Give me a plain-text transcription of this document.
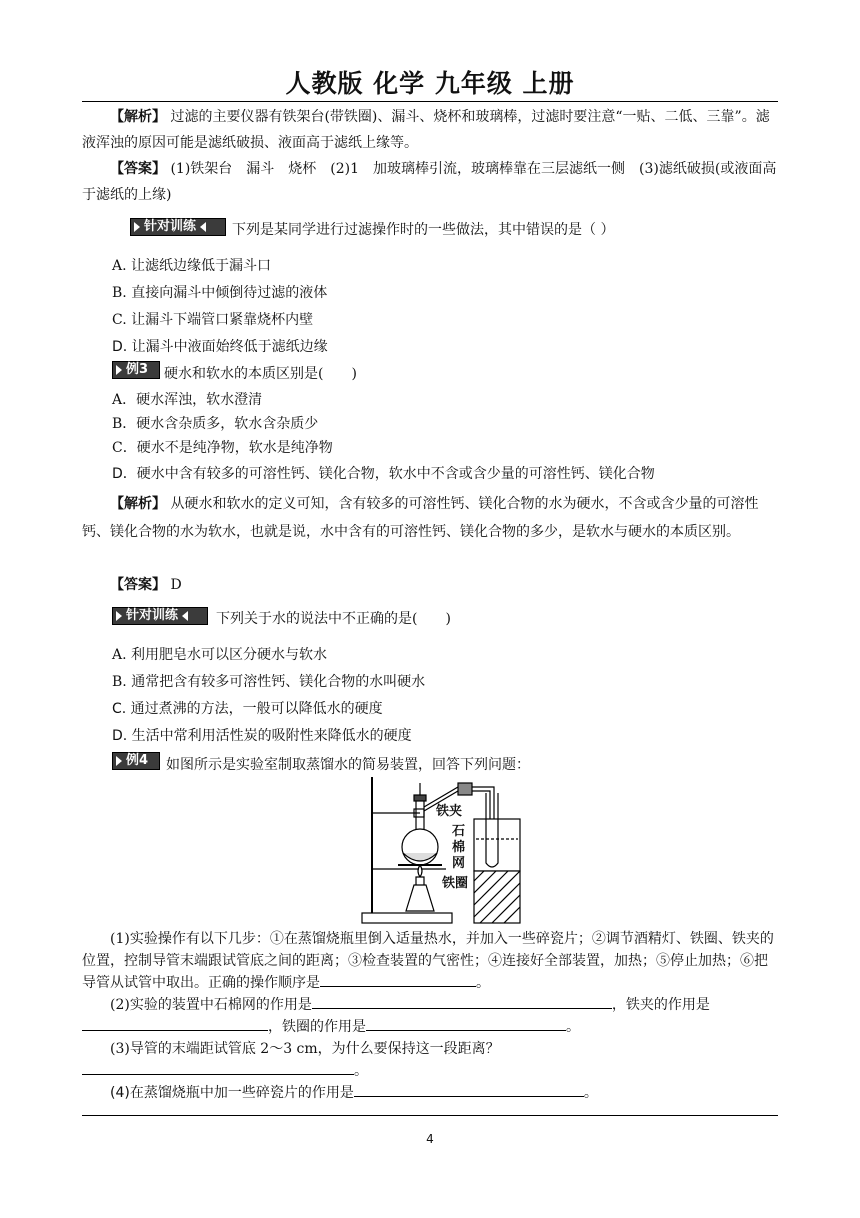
人教版 化学 九年级 上册

【解析】 过滤的主要仪器有铁架台(带铁圈)、漏斗、烧杯和玻璃棒，过滤时要注意“一贴、二低、三靠”。滤液浑浊的原因可能是滤纸破损、液面高于滤纸上缘等。

【答案】 (1)铁架台　漏斗　烧杯　(2)1　加玻璃棒引流，玻璃棒靠在三层滤纸一侧　(3)滤纸破损(或液面高于滤纸的上缘)

针对训练	下列是某同学进行过滤操作时的一些做法，其中错误的是（ ）
A. 让滤纸边缘低于漏斗口
B. 直接向漏斗中倾倒待过滤的液体
C. 让漏斗下端管口紧靠烧杯内壁
D. 让漏斗中液面始终低于滤纸边缘
例3 硬水和软水的本质区别是(　　)
A．硬水浑浊，软水澄清
B．硬水含杂质多，软水含杂质少
C．硬水不是纯净物，软水是纯净物
D．硬水中含有较多的可溶性钙、镁化合物，软水中不含或含少量的可溶性钙、镁化合物

【解析】 从硬水和软水的定义可知，含有较多的可溶性钙、镁化合物的水为硬水，不含或含少量的可溶性钙、镁化合物的水为软水，也就是说，水中含有的可溶性钙、镁化合物的多少，是软水与硬水的本质区别。

【答案】 D

针对训练	下列关于水的说法中不正确的是(　　)
A. 利用肥皂水可以区分硬水与软水
B. 通常把含有较多可溶性钙、镁化合物的水叫硬水
C. 通过煮沸的方法，一般可以降低水的硬度
D. 生活中常利用活性炭的吸附性来降低水的硬度
例4 如图所示是实验室制取蒸馏水的简易装置，回答下列问题：
铁夹
石
棉
网
铁圈

(1)实验操作有以下几步：①在蒸馏烧瓶里倒入适量热水，并加入一些碎瓷片；②调节酒精灯、铁圈、铁夹的位置，控制导管末端跟试管底之间的距离；③检查装置的气密性；④连接好全部装置，加热；⑤停止加热；⑥把导管从试管中取出。正确的操作顺序是	。

(2)实验的装置中石棉网的作用是	，铁夹的作用是
，铁圈的作用是	。

(3)导管的末端距试管底 2～3 cm，为什么要保持这一段距离？
。

(4)在蒸馏烧瓶中加一些碎瓷片的作用是	。

4
